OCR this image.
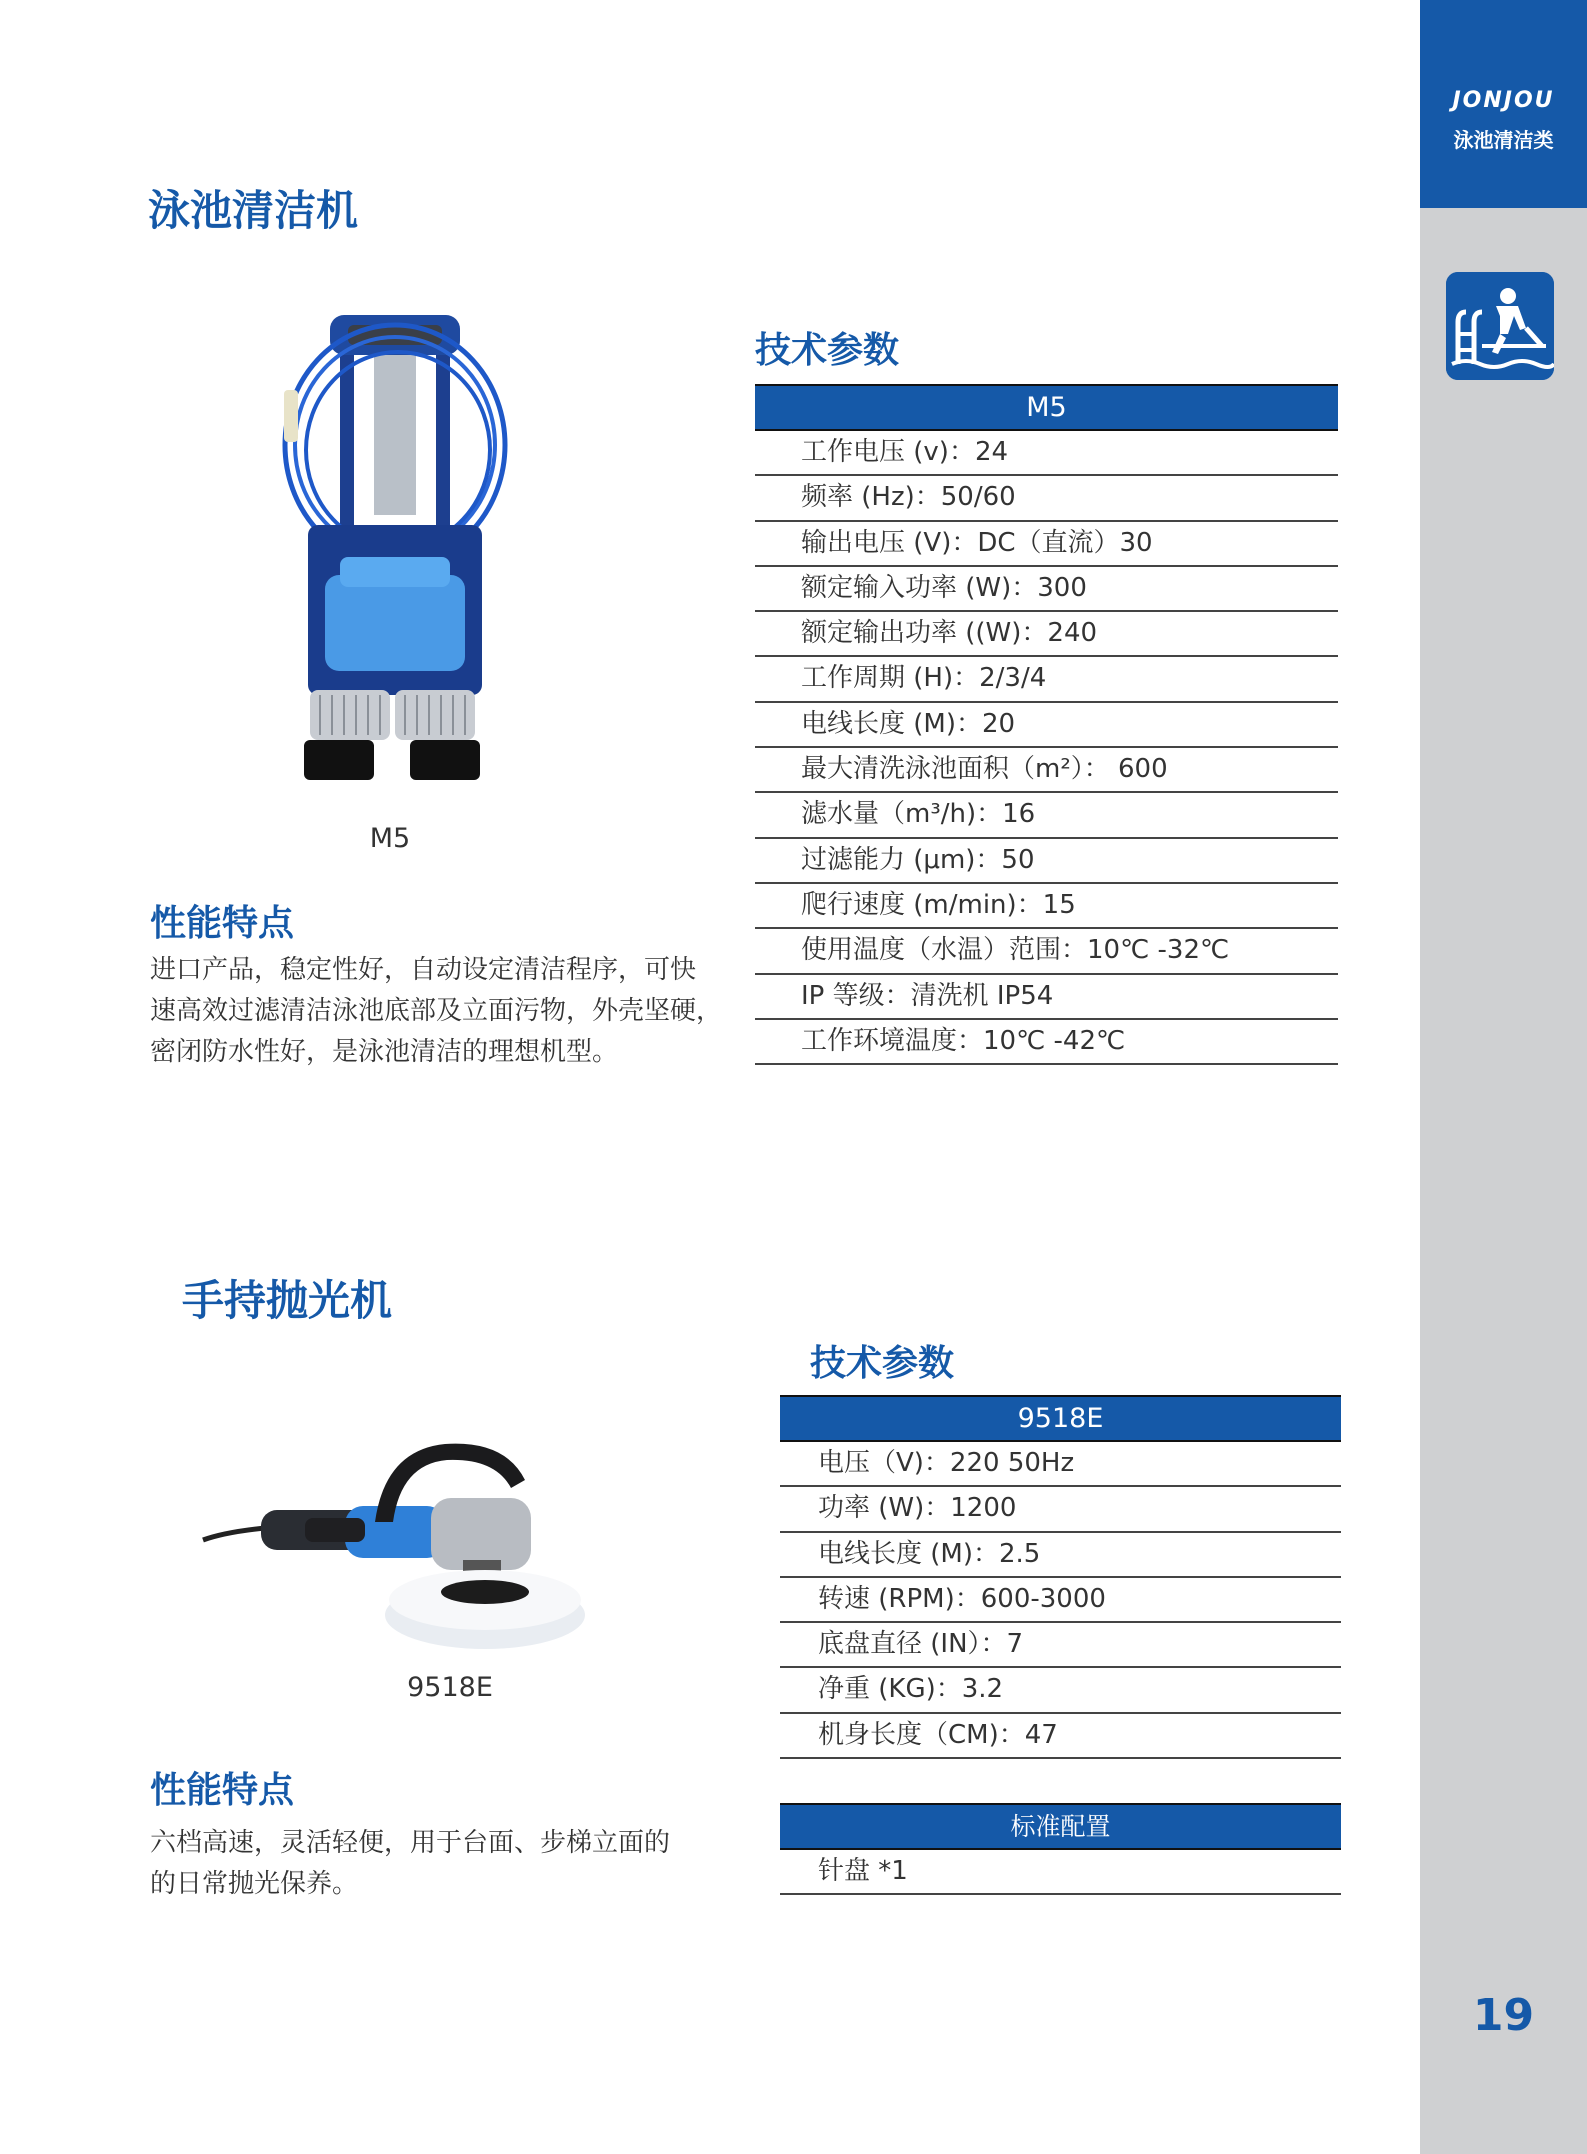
JONJOU
泳池清洁类
19
泳池清洁机
M5
性能特点
进口产品，稳定性好，自动设定清洁程序，可快
速高效过滤清洁泳池底部及立面污物，外壳坚硬，
密闭防水性好，是泳池清洁的理想机型。
技术参数
M5
工作电压 (v)：24
频率 (Hz)：50/60
输出电压 (V)：DC（直流）30
额定输入功率 (W)：300
额定输出功率 ((W)：240
工作周期 (H)：2/3/4
电线长度 (M)：20
最大清洗泳池面积（m²）： 600
滤水量（m³/h)：16
过滤能力 (μm)：50
爬行速度 (m/min)：15
使用温度（水温）范围：10℃ -32℃
IP 等级：清洗机 IP54
工作环境温度：10℃ -42℃
手持抛光机
9518E
性能特点
六档高速，灵活轻便，用于台面、步梯立面的
的日常抛光保养。
技术参数
9518E
电压（V)：220 50Hz
功率 (W)：1200
电线长度 (M)：2.5
转速 (RPM)：600-3000
底盘直径 (IN）：7
净重 (KG)：3.2
机身长度（CM)：47
标准配置
针盘 *1
